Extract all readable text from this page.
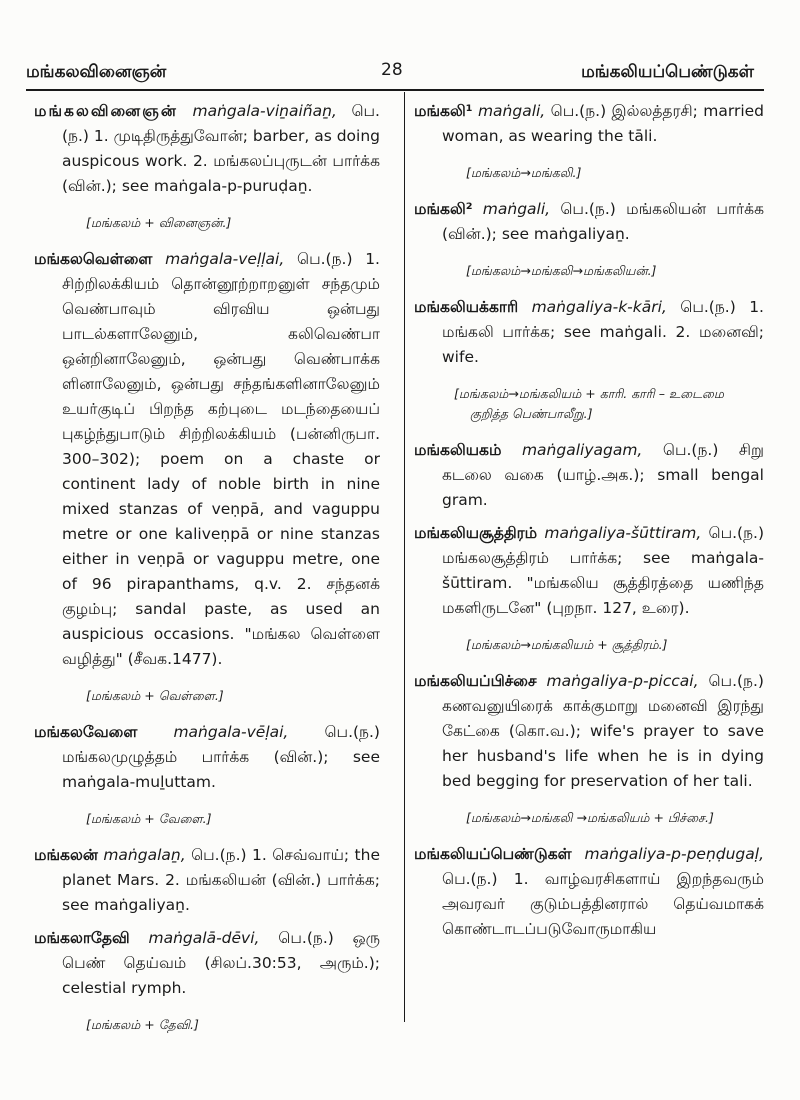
மங்கலவினைஞன்	28	மங்கலியப்பெண்டுகள்

மங்கலவினைஞன் maṅgala-viṉaiñaṉ, பெ.(ந.) 1. முடிதிருத்துவோன்; barber, as doing auspicous work. 2. மங்கலப்புருடன் பார்க்க (வின்.); see maṅgala-p-puruḍaṉ.

[மங்கலம் + வினைஞன்.]

மங்கலவெள்ளை maṅgala-veḷḷai, பெ.(ந.) 1. சிற்றிலக்கியம் தொன்னூற்றாறனுள் சந்தமும் வெண்பாவும் விரவிய ஒன்பது பாடல்களாலேனும், கலிவெண்பா ஒன்றினாலேனும், ஒன்பது வெண்பாக்க ளினாலேனும், ஒன்பது சந்தங்களினாலேனும் உயர்குடிப் பிறந்த கற்புடை மடந்தையைப் புகழ்ந்துபாடும் சிற்றிலக்கியம் (பன்னிருபா. 300–302); poem on a chaste or continent lady of noble birth in nine mixed stanzas of veṇpā, and vaguppu metre or one kaliveṇpā or nine stanzas either in veṇpā or vaguppu metre, one of 96 pirapanthams, q.v. 2. சந்தனக் குழம்பு; sandal paste, as used an auspicious occasions. "மங்கல வெள்ளை வழித்து" (சீவக.1477).

[மங்கலம் + வெள்ளை.]

மங்கலவேளை maṅgala-vēḷai, பெ.(ந.) மங்கலமுழுத்தம் பார்க்க (வின்.); see maṅgala-muḻuttam.

[மங்கலம் + வேளை.]

மங்கலன் maṅgalaṉ, பெ.(ந.) 1. செவ்வாய்; the planet Mars. 2. மங்கலியன் (வின்.) பார்க்க; see maṅgaliyaṉ.

மங்கலாதேவி maṅgalā-dēvi, பெ.(ந.) ஒரு பெண் தெய்வம் (சிலப்.30:53, அரும்.); celestial rymph.

[மங்கலம் + தேவி.]

மங்கலி¹ maṅgali, பெ.(ந.) இல்லத்தரசி; married woman, as wearing the tāli.

[மங்கலம்→மங்கலி.]

மங்கலி² maṅgali, பெ.(ந.) மங்கலியன் பார்க்க (வின்.); see maṅgaliyaṉ.

[மங்கலம்→மங்கலி→மங்கலியன்.]

மங்கலியக்காரி maṅgaliya-k-kāri, பெ.(ந.) 1. மங்கலி பார்க்க; see maṅgali. 2. மனைவி; wife.

[மங்கலம்→மங்கலியம் + காரி. காரி – உடைமை குறித்த பெண்பாலீறு.]

மங்கலியகம் maṅgaliyagam, பெ.(ந.) சிறு கடலை வகை (யாழ்.அக.); small bengal gram.

மங்கலியசூத்திரம் maṅgaliya-šūttiram, பெ.(ந.) மங்கலசூத்திரம் பார்க்க; see maṅgala-šūttiram. "மங்கலிய சூத்திரத்தை யணிந்த மகளிருடனே" (புறநா. 127, உரை).

[மங்கலம்→மங்கலியம் + சூத்திரம்.]

மங்கலியப்பிச்சை maṅgaliya-p-piccai, பெ.(ந.) கணவனுயிரைக் காக்குமாறு மனைவி இரந்து கேட்கை (கொ.வ.); wife's prayer to save her husband's life when he is in dying bed begging for preservation of her tali.

[மங்கலம்→மங்கலி →மங்கலியம் + பிச்சை.]

மங்கலியப்பெண்டுகள் maṅgaliya-p-peṇḍugaḷ, பெ.(ந.) 1. வாழ்வரசிகளாய் இறந்தவரும் அவரவர் குடும்பத்தினரால் தெய்வமாகக் கொண்டாடப்படுவோருமாகிய
